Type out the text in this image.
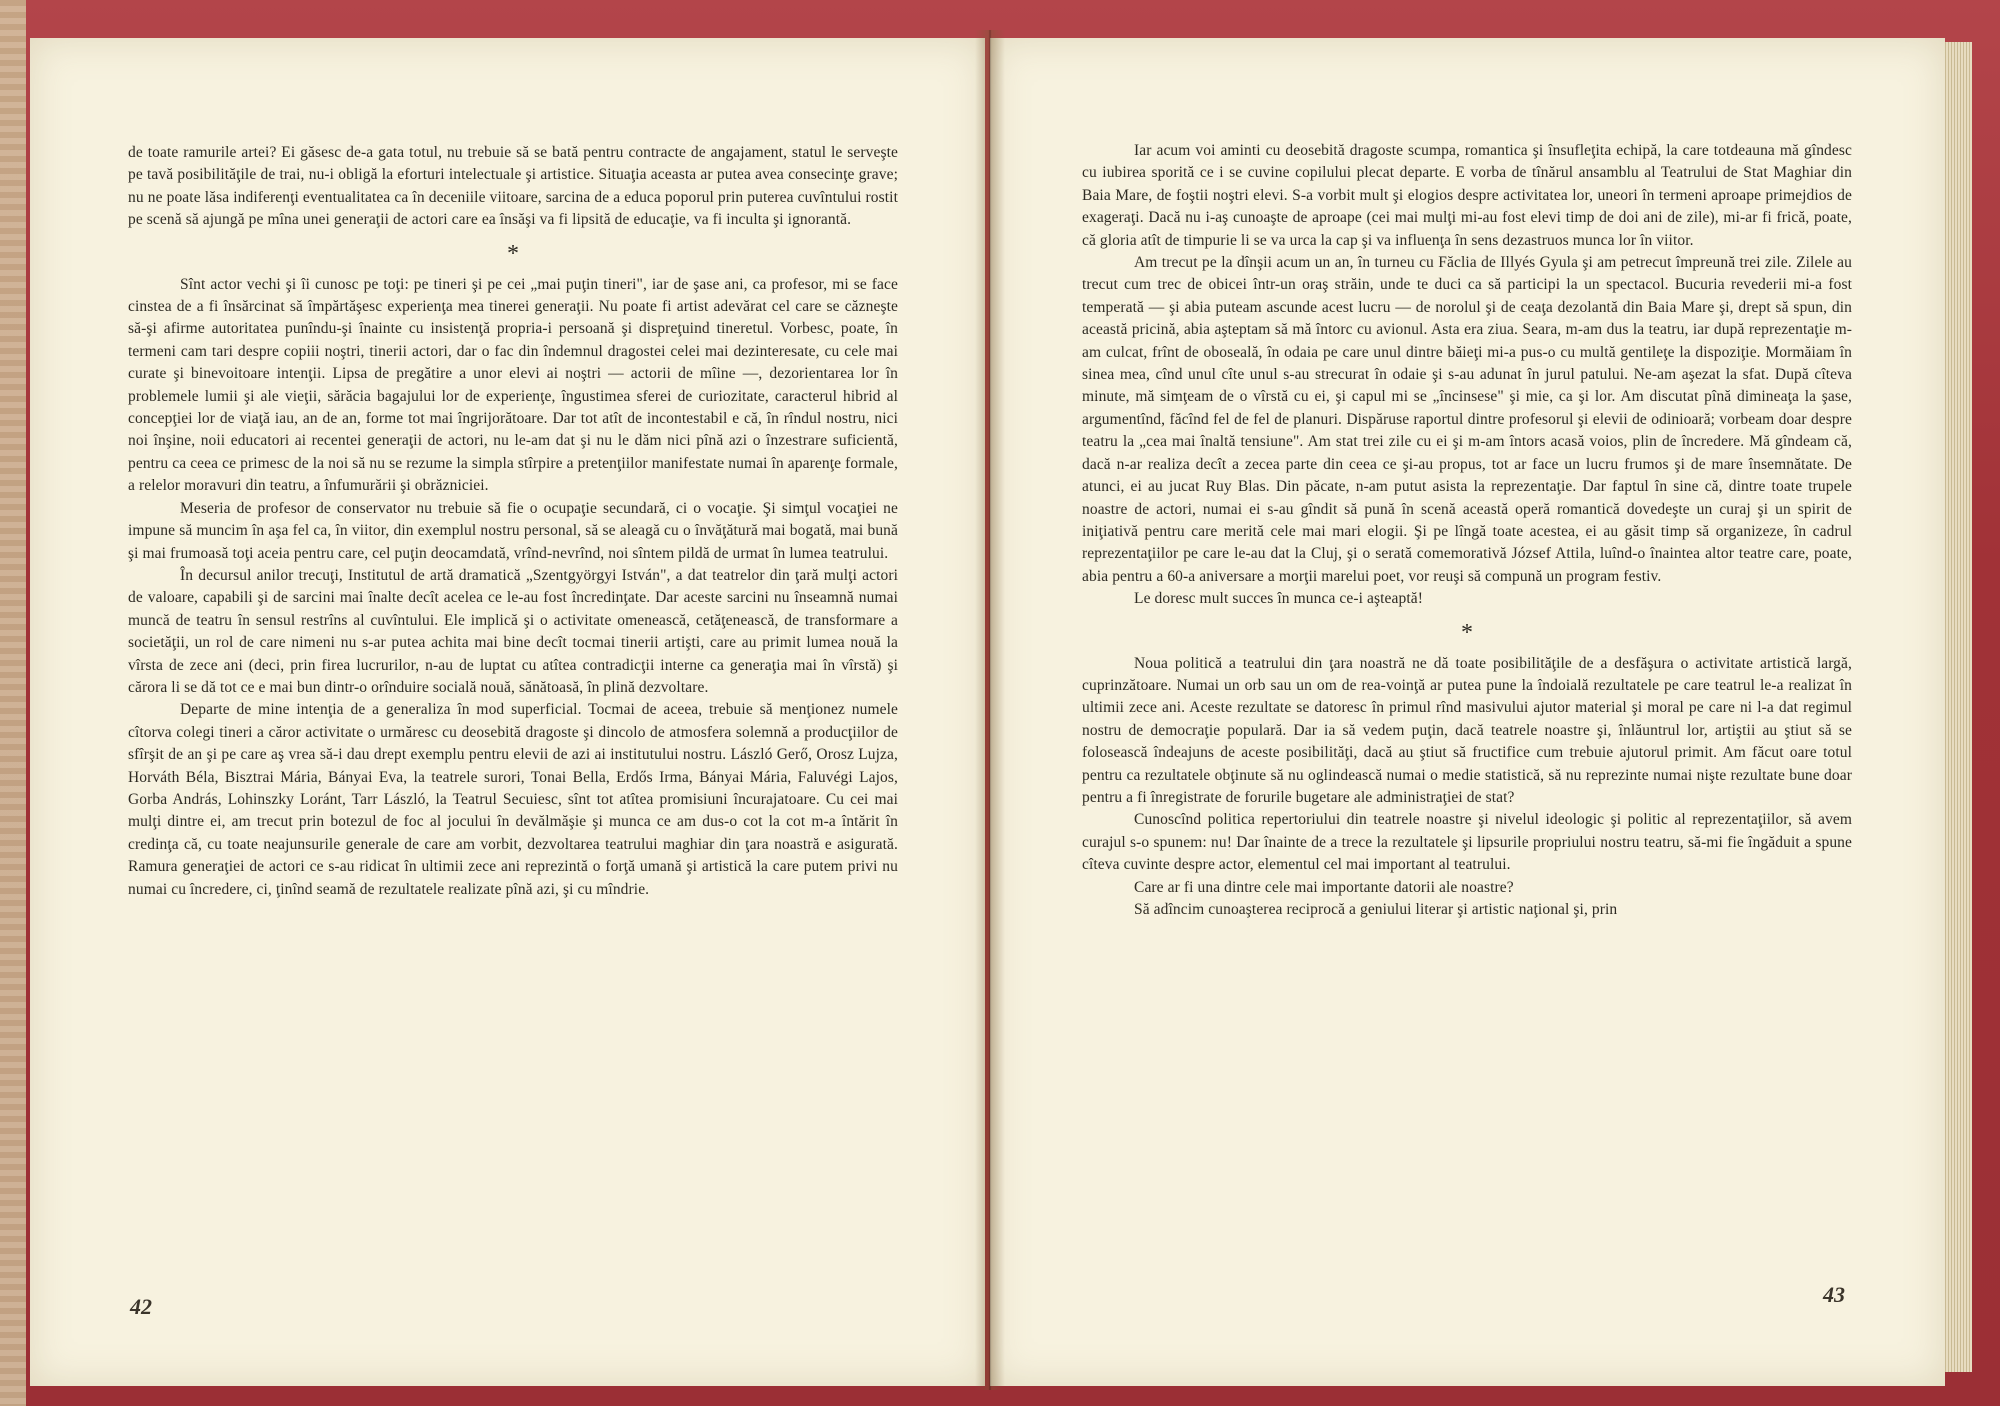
de toate ramurile artei? Ei găsesc de-a gata totul, nu trebuie să se bată pentru contracte de angajament, statul le serveşte pe tavă posibilităţile de trai, nu-i obligă la eforturi intelectuale şi artistice. Situaţia aceasta ar putea avea consecinţe grave; nu ne poate lăsa indiferenţi eventualitatea ca în deceniile viitoare, sarcina de a educa poporul prin puterea cuvîntului rostit pe scenă să ajungă pe mîna unei generaţii de actori care ea însăşi va fi lipsită de educaţie, va fi inculta şi ignorantă.

*

Sînt actor vechi şi îi cunosc pe toţi: pe tineri şi pe cei „mai puţin tineri", iar de şase ani, ca profesor, mi se face cinstea de a fi însărcinat să împărtăşesc experienţa mea tinerei generaţii. Nu poate fi artist adevărat cel care se căzneşte să-şi afirme autoritatea punîndu-şi înainte cu insistenţă propria-i persoană şi dispreţuind tineretul. Vorbesc, poate, în termeni cam tari despre copiii noştri, tinerii actori, dar o fac din îndemnul dragostei celei mai dezinteresate, cu cele mai curate şi binevoitoare intenţii. Lipsa de pregătire a unor elevi ai noştri — actorii de mîine —, dezorientarea lor în problemele lumii şi ale vieţii, sărăcia bagajului lor de experienţe, îngustimea sferei de curiozitate, caracterul hibrid al concepţiei lor de viaţă iau, an de an, forme tot mai îngrijorătoare. Dar tot atît de incontestabil e că, în rîndul nostru, nici noi înşine, noii educatori ai recentei generaţii de actori, nu le-am dat şi nu le dăm nici pînă azi o înzestrare suficientă, pentru ca ceea ce primesc de la noi să nu se rezume la simpla stîrpire a pretenţiilor manifestate numai în aparenţe formale, a relelor moravuri din teatru, a înfumurării şi obrăzniciei.

Meseria de profesor de conservator nu trebuie să fie o ocupaţie secundară, ci o vocaţie. Şi simţul vocaţiei ne impune să muncim în aşa fel ca, în viitor, din exemplul nostru personal, să se aleagă cu o învăţătură mai bogată, mai bună şi mai frumoasă toţi aceia pentru care, cel puţin deocamdată, vrînd-nevrînd, noi sîntem pildă de urmat în lumea teatrului.

În decursul anilor trecuţi, Institutul de artă dramatică „Szentgyörgyi István", a dat teatrelor din ţară mulţi actori de valoare, capabili şi de sarcini mai înalte decît acelea ce le-au fost încredinţate. Dar aceste sarcini nu înseamnă numai muncă de teatru în sensul restrîns al cuvîntului. Ele implică şi o activitate omenească, cetăţenească, de transformare a societăţii, un rol de care nimeni nu s-ar putea achita mai bine decît tocmai tinerii artişti, care au primit lumea nouă la vîrsta de zece ani (deci, prin firea lucrurilor, n-au de luptat cu atîtea contradicţii interne ca generaţia mai în vîrstă) şi cărora li se dă tot ce e mai bun dintr-o orînduire socială nouă, sănătoasă, în plină dezvoltare.

Departe de mine intenţia de a generaliza în mod superficial. Tocmai de aceea, trebuie să menţionez numele cîtorva colegi tineri a căror activitate o urmăresc cu deosebită dragoste şi dincolo de atmosfera solemnă a producţiilor de sfîrşit de an şi pe care aş vrea să-i dau drept exemplu pentru elevii de azi ai institutului nostru. László Gerő, Orosz Lujza, Horváth Béla, Bisztrai Mária, Bányai Eva, la teatrele surori, Tonai Bella, Erdős Irma, Bányai Mária, Faluvégi Lajos, Gorba András, Lohinszky Loránt, Tarr László, la Teatrul Secuiesc, sînt tot atîtea promisiuni încurajatoare. Cu cei mai mulţi dintre ei, am trecut prin botezul de foc al jocului în devălmăşie şi munca ce am dus-o cot la cot m-a întărit în credinţa că, cu toate neajunsurile generale de care am vorbit, dezvoltarea teatrului maghiar din ţara noastră e asigurată. Ramura generaţiei de actori ce s-au ridicat în ultimii zece ani reprezintă o forţă umană şi artistică la care putem privi nu numai cu încredere, ci, ţinînd seamă de rezultatele realizate pînă azi, şi cu mîndrie.

42

Iar acum voi aminti cu deosebită dragoste scumpa, romantica şi însufleţita echipă, la care totdeauna mă gîndesc cu iubirea sporită ce i se cuvine copilului plecat departe. E vorba de tînărul ansamblu al Teatrului de Stat Maghiar din Baia Mare, de foştii noştri elevi. S-a vorbit mult şi elogios despre activitatea lor, uneori în termeni aproape primejdios de exageraţi. Dacă nu i-aş cunoaşte de aproape (cei mai mulţi mi-au fost elevi timp de doi ani de zile), mi-ar fi frică, poate, că gloria atît de timpurie li se va urca la cap şi va influenţa în sens dezastruos munca lor în viitor.

Am trecut pe la dînşii acum un an, în turneu cu Făclia de Illyés Gyula şi am petrecut împreună trei zile. Zilele au trecut cum trec de obicei într-un oraş străin, unde te duci ca să participi la un spectacol. Bucuria revederii mi-a fost temperată — şi abia puteam ascunde acest lucru — de norolul şi de ceaţa dezolantă din Baia Mare şi, drept să spun, din această pricină, abia aşteptam să mă întorc cu avionul. Asta era ziua. Seara, m-am dus la teatru, iar după reprezentaţie m-am culcat, frînt de oboseală, în odaia pe care unul dintre băieţi mi-a pus-o cu multă gentileţe la dispoziţie. Mormăiam în sinea mea, cînd unul cîte unul s-au strecurat în odaie şi s-au adunat în jurul patului. Ne-am aşezat la sfat. După cîteva minute, mă simţeam de o vîrstă cu ei, şi capul mi se „încinsese" şi mie, ca şi lor. Am discutat pînă dimineaţa la şase, argumentînd, făcînd fel de fel de planuri. Dispăruse raportul dintre profesorul şi elevii de odinioară; vorbeam doar despre teatru la „cea mai înaltă tensiune". Am stat trei zile cu ei şi m-am întors acasă voios, plin de încredere. Mă gîndeam că, dacă n-ar realiza decît a zecea parte din ceea ce şi-au propus, tot ar face un lucru frumos şi de mare însemnătate. De atunci, ei au jucat Ruy Blas. Din păcate, n-am putut asista la reprezentaţie. Dar faptul în sine că, dintre toate trupele noastre de actori, numai ei s-au gîndit să pună în scenă această operă romantică dovedeşte un curaj şi un spirit de iniţiativă pentru care merită cele mai mari elogii. Şi pe lîngă toate acestea, ei au găsit timp să organizeze, în cadrul reprezentaţiilor pe care le-au dat la Cluj, şi o serată comemorativă József Attila, luînd-o înaintea altor teatre care, poate, abia pentru a 60-a aniversare a morţii marelui poet, vor reuşi să compună un program festiv.

Le doresc mult succes în munca ce-i aşteaptă!

*

Noua politică a teatrului din ţara noastră ne dă toate posibilităţile de a desfăşura o activitate artistică largă, cuprinzătoare. Numai un orb sau un om de rea-voinţă ar putea pune la îndoială rezultatele pe care teatrul le-a realizat în ultimii zece ani. Aceste rezultate se datoresc în primul rînd masivului ajutor material şi moral pe care ni l-a dat regimul nostru de democraţie populară. Dar ia să vedem puţin, dacă teatrele noastre şi, înlăuntrul lor, artiştii au ştiut să se folosească îndeajuns de aceste posibilităţi, dacă au ştiut să fructifice cum trebuie ajutorul primit. Am făcut oare totul pentru ca rezultatele obţinute să nu oglindească numai o medie statistică, să nu reprezinte numai nişte rezultate bune doar pentru a fi înregistrate de forurile bugetare ale administraţiei de stat?

Cunoscînd politica repertoriului din teatrele noastre şi nivelul ideologic şi politic al reprezentaţiilor, să avem curajul s-o spunem: nu! Dar înainte de a trece la rezultatele şi lipsurile propriului nostru teatru, să-mi fie îngăduit a spune cîteva cuvinte despre actor, elementul cel mai important al teatrului.

Care ar fi una dintre cele mai importante datorii ale noastre?

Să adîncim cunoaşterea reciprocă a geniului literar şi artistic naţional şi, prin

43
